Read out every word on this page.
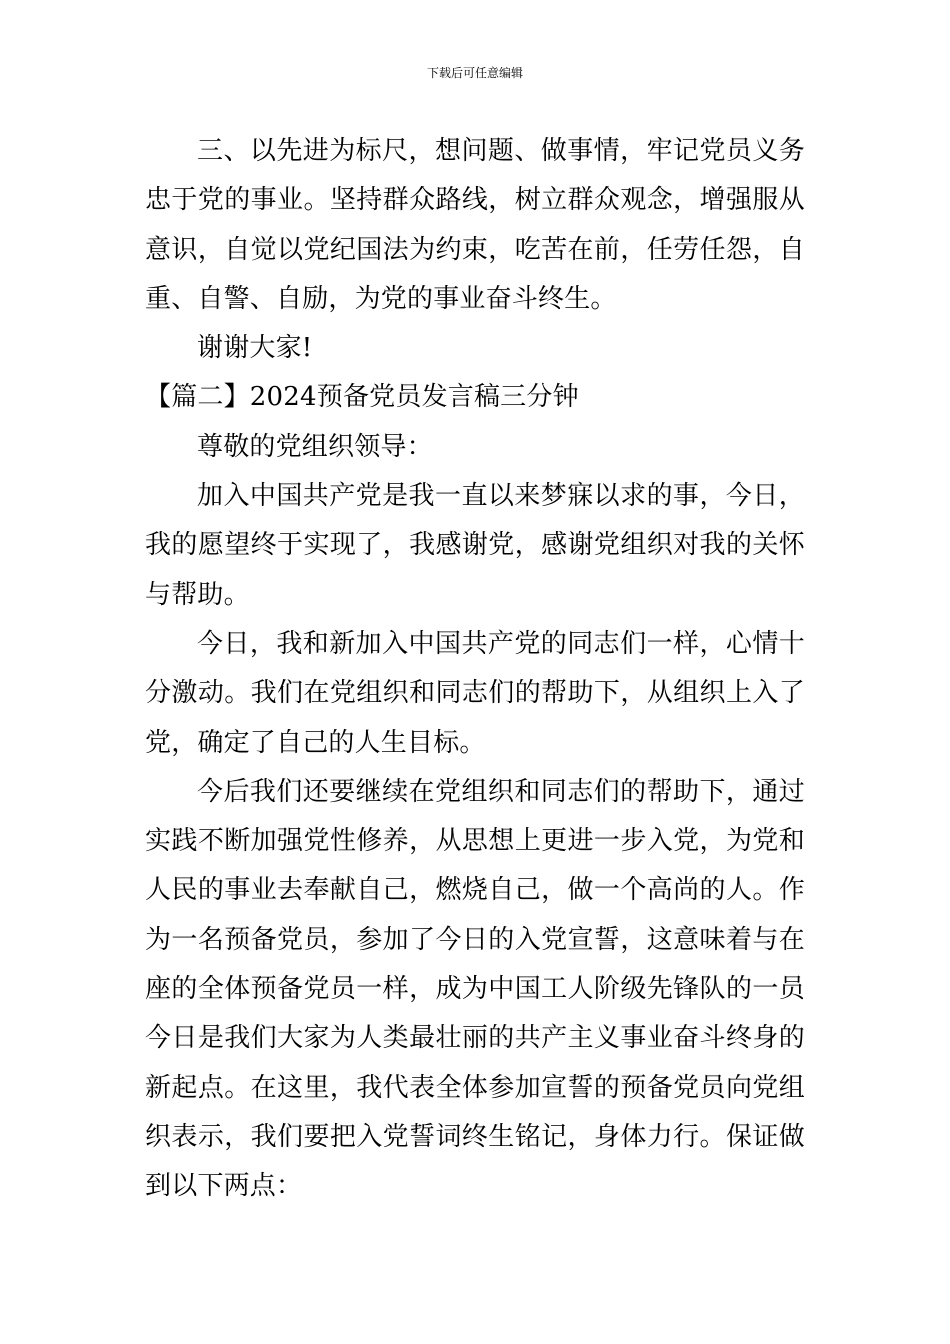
下载后可任意编辑

三、以先进为标尺，想问题、做事情，牢记党员义务忠于党的事业。坚持群众路线，树立群众观念，增强服从意识，自觉以党纪国法为约束，吃苦在前，任劳任怨，自重、自警、自励，为党的事业奋斗终生。

谢谢大家!

【篇二】2024预备党员发言稿三分钟

尊敬的党组织领导：

加入中国共产党是我一直以来梦寐以求的事，今日，我的愿望终于实现了，我感谢党，感谢党组织对我的关怀与帮助。

今日，我和新加入中国共产党的同志们一样，心情十分激动。我们在党组织和同志们的帮助下，从组织上入了党，确定了自己的人生目标。

今后我们还要继续在党组织和同志们的帮助下，通过实践不断加强党性修养，从思想上更进一步入党，为党和人民的事业去奉献自己，燃烧自己，做一个高尚的人。作为一名预备党员，参加了今日的入党宣誓，这意味着与在座的全体预备党员一样，成为中国工人阶级先锋队的一员今日是我们大家为人类最壮丽的共产主义事业奋斗终身的新起点。在这里，我代表全体参加宣誓的预备党员向党组织表示，我们要把入党誓词终生铭记，身体力行。保证做到以下两点：
